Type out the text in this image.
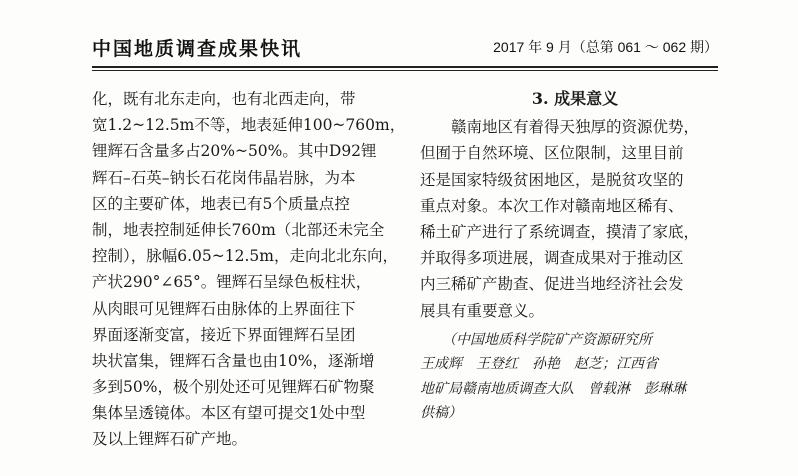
中国地质调查成果快讯	2017 年 9 月（总第 061 ～ 062 期）
化，既有北东走向，也有北西走向，带
宽1.2~12.5m不等，地表延伸100~760m，
锂辉石含量多占20%~50%。其中D92锂
辉石–石英–钠长石花岗伟晶岩脉，为本
区的主要矿体，地表已有5个质量点控
制，地表控制延伸长760m（北部还未完全
控制），脉幅6.05~12.5m，走向北北东向，
产状290°∠65°。锂辉石呈绿色板柱状，
从肉眼可见锂辉石由脉体的上界面往下
界面逐渐变富，接近下界面锂辉石呈团
块状富集，锂辉石含量也由10%，逐渐增
多到50%，极个别处还可见锂辉石矿物聚
集体呈透镜体。本区有望可提交1处中型
及以上锂辉石矿产地。
3. 成果意义
赣南地区有着得天独厚的资源优势，
但囿于自然环境、区位限制，这里目前
还是国家特级贫困地区，是脱贫攻坚的
重点对象。本次工作对赣南地区稀有、
稀土矿产进行了系统调查，摸清了家底，
并取得多项进展，调查成果对于推动区
内三稀矿产勘查、促进当地经济社会发
展具有重要意义。
（中国地质科学院矿产资源研究所
王成辉　王登红　孙艳　赵芝；江西省
地矿局赣南地质调查大队　曾载淋　彭琳琳
供稿）
